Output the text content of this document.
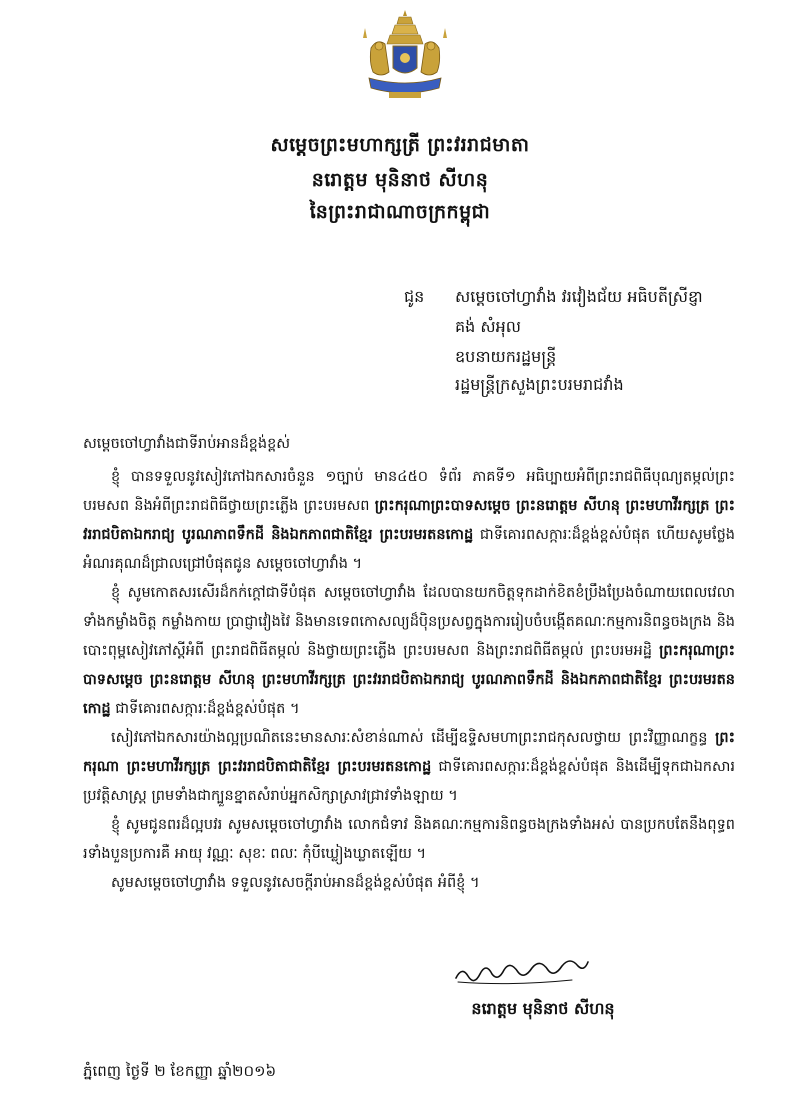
សម្តេចព្រះមហាក្សត្រី ព្រះវររាជមាតា
នរោត្តម មុនិនាថ សីហនុ
នៃព្រះរាជាណាចក្រកម្ពុជា
ជូន សម្តេចចៅហ្វាវាំង វរវៀងជ័យ អធិបតីស្រីឧ្ញា
គង់ សំអុល
ឧបនាយករដ្ឋមន្ត្រី
រដ្ឋមន្ត្រីក្រសួងព្រះបរមរាជវាំង

សម្តេចចៅហ្វាវាំងជាទីរាប់អានដ៏ខ្ពង់ខ្ពស់

ខ្ញុំ បានទទួលនូវសៀវភៅឯកសារចំនួន ១ច្បាប់ មាន៤៥០ ទំព័រ ភាគទី១ អធិប្បាយអំពីព្រះរាជពិធីបុណ្យតម្កល់ព្រះបរមសព និងអំពីព្រះរាជពិធីថ្វាយព្រះភ្លើង ព្រះបរមសព ព្រះករុណាព្រះបាទសម្តេច ព្រះនរោត្តម សីហនុ ព្រះមហាវីរក្សត្រ ព្រះវររាជបិតាឯករាជ្យ បូរណភាពទឹកដី និងឯកភាពជាតិខ្មែរ ព្រះបរមរតនកោដ្ឋ ជាទីគោរពសក្ការៈដ៏ខ្ពង់ខ្ពស់បំផុត ហើយសូមថ្លែងអំណរគុណដ៏ជ្រាលជ្រៅបំផុតជូន សម្តេចចៅហ្វាវាំង ។

ខ្ញុំ សូមកោតសរសើរដ៏កក់ក្តៅជាទីបំផុត សម្តេចចៅហ្វាវាំង ដែលបានយកចិត្តទុកដាក់ខិតខំប្រឹងប្រែងចំណាយពេលវេលា ទាំងកម្លាំងចិត្ត កម្លាំងកាយ ប្រាជ្ញាវៀងវៃ និងមានទេពកោសល្យដ៏ប៉ិនប្រសព្វក្នុងការរៀបចំបង្កើតគណៈកម្មការនិពន្ធចងក្រង និងបោះពុម្ពសៀវភៅស្តីអំពី ព្រះរាជពិធីតម្កល់ និងថ្វាយព្រះភ្លើង ព្រះបរមសព និងព្រះរាជពិធីតម្កល់ ព្រះបរមអដ្ឋិ ព្រះករុណាព្រះបាទសម្តេច ព្រះនរោត្តម សីហនុ ព្រះមហាវីរក្សត្រ ព្រះវររាជបិតាឯករាជ្យ បូរណភាពទឹកដី និងឯកភាពជាតិខ្មែរ ព្រះបរមរតនកោដ្ឋ ជាទីគោរពសក្ការៈដ៏ខ្ពង់ខ្ពស់បំផុត ។

សៀវភៅឯកសារយ៉ាងល្អប្រណិតនេះមានសារៈសំខាន់ណាស់ ដើម្បីឧទ្ទិសមហាព្រះរាជកុសលថ្វាយ ព្រះវិញ្ញាណក្ខន្ធ ព្រះករុណា ព្រះមហាវីរក្សត្រ ព្រះវររាជបិតាជាតិខ្មែរ ព្រះបរមរតនកោដ្ឋ ជាទីគោរពសក្ការៈដ៏ខ្ពង់ខ្ពស់បំផុត និងដើម្បីទុកជាឯកសារប្រវត្តិសាស្ត្រ ព្រមទាំងជាក្បួនខ្នាតសំរាប់អ្នកសិក្សាស្រាវជ្រាវទាំងឡាយ ។

ខ្ញុំ សូមជូនពរដ៏ល្អបវរ សូមសម្តេចចៅហ្វាវាំង លោកជំទាវ និងគណៈកម្មការនិពន្ធចងក្រងទាំងអស់ បានប្រកបតែនឹងពុទ្ធពរទាំងបួនប្រការគឺ អាយុ វណ្ណៈ សុខៈ ពលៈ កុំបីឃ្លៀងឃ្លាតឡើយ ។

សូមសម្តេចចៅហ្វាវាំង ទទួលនូវសេចក្តីរាប់អានដ៏ខ្ពង់ខ្ពស់បំផុត អំពីខ្ញុំ ។

នរោត្តម មុនិនាថ សីហនុ
ភ្នំពេញ ថ្ងៃទី ២ ខែកញ្ញា ឆ្នាំ២០១៦
